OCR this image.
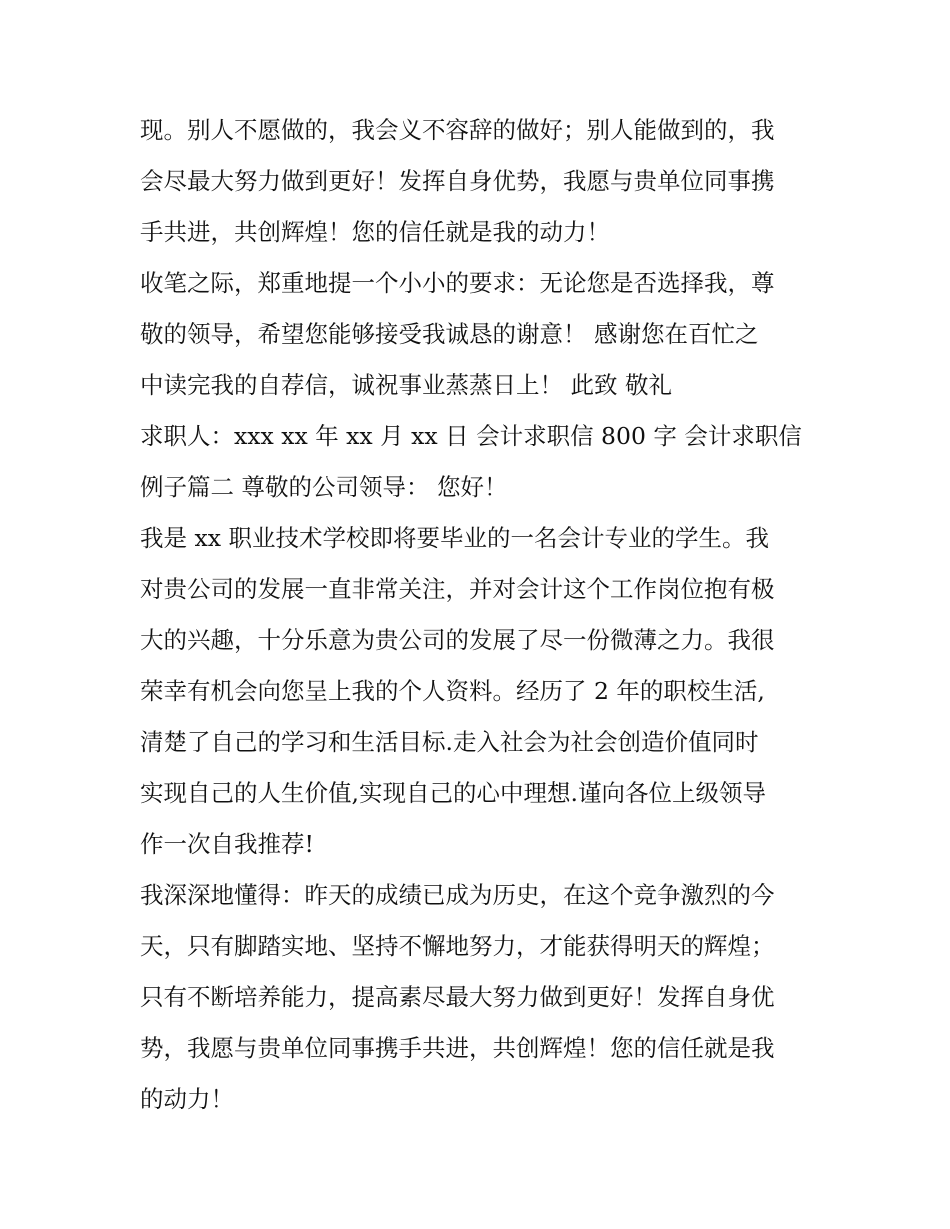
现。别人不愿做的，我会义不容辞的做好；别人能做到的，我
会尽最大努力做到更好！发挥自身优势，我愿与贵单位同事携
手共进，共创辉煌！您的信任就是我的动力！
收笔之际，郑重地提一个小小的要求：无论您是否选择我，尊
敬的领导，希望您能够接受我诚恳的谢意！ 感谢您在百忙之
中读完我的自荐信，诚祝事业蒸蒸日上！ 此致 敬礼
求职人：xxx xx 年 xx 月 xx 日 会计求职信 800 字 会计求职信
例子篇二 尊敬的公司领导： 您好！
我是 xx 职业技术学校即将要毕业的一名会计专业的学生。我
对贵公司的发展一直非常关注，并对会计这个工作岗位抱有极
大的兴趣，十分乐意为贵公司的发展了尽一份微薄之力。我很
荣幸有机会向您呈上我的个人资料。经历了 2 年的职校生活,
清楚了自己的学习和生活目标.走入社会为社会创造价值同时
实现自己的人生价值,实现自己的心中理想.谨向各位上级领导
作一次自我推荐!
我深深地懂得：昨天的成绩已成为历史，在这个竞争激烈的今
天，只有脚踏实地、坚持不懈地努力，才能获得明天的辉煌；
只有不断培养能力，提高素尽最大努力做到更好！发挥自身优
势，我愿与贵单位同事携手共进，共创辉煌！您的信任就是我
的动力！
